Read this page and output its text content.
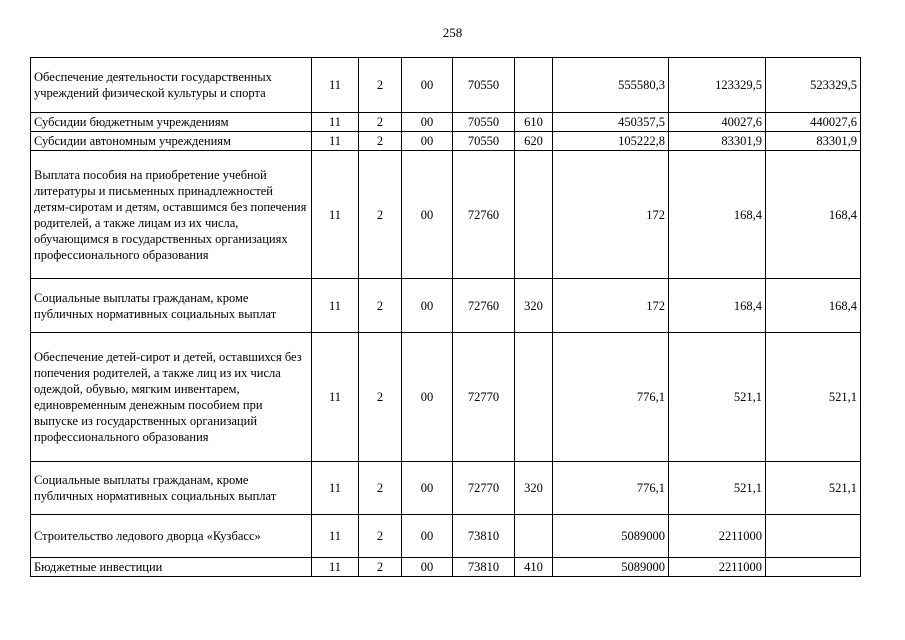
258
Обеспечение деятельности государственных учреждений физической культуры и спорта	11	2	00	70550		555580,3	123329,5	523329,5
Субсидии бюджетным учреждениям	11	2	00	70550	610	450357,5	40027,6	440027,6
Субсидии автономным учреждениям	11	2	00	70550	620	105222,8	83301,9	83301,9
Выплата пособия на приобретение учебной литературы и письменных принадлежностей детям-сиротам и детям, оставшимся без попечения родителей, а также лицам из их числа, обучающимся в государственных организациях профессионального образования	11	2	00	72760		172	168,4	168,4
Социальные выплаты гражданам, кроме публичных нормативных социальных выплат	11	2	00	72760	320	172	168,4	168,4
Обеспечение детей-сирот и детей, оставшихся без попечения родителей, а также лиц из их числа одеждой, обувью, мягким инвентарем, единовременным денежным пособием при выпуске из государственных организаций профессионального образования	11	2	00	72770		776,1	521,1	521,1
Социальные выплаты гражданам, кроме публичных нормативных социальных выплат	11	2	00	72770	320	776,1	521,1	521,1
Строительство ледового дворца «Кузбасс»	11	2	00	73810		5089000	2211000	
Бюджетные инвестиции	11	2	00	73810	410	5089000	2211000	
